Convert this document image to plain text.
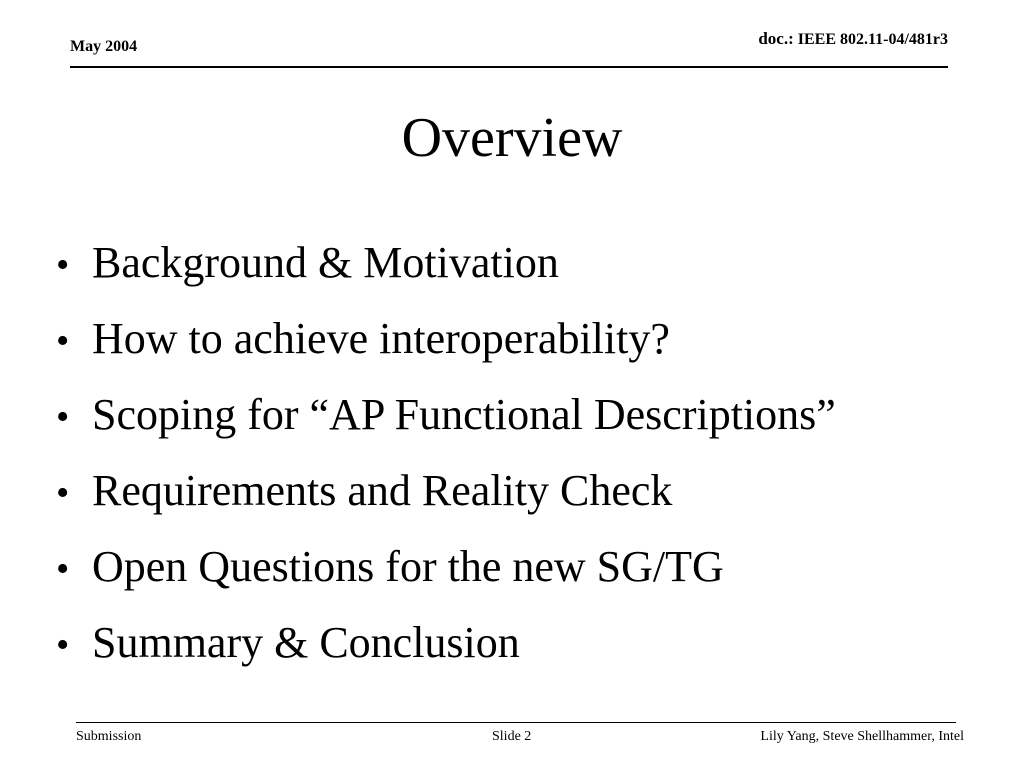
May 2004	doc.: IEEE 802.11-04/481r3
Overview
• Background & Motivation
• How to achieve interoperability?
• Scoping for “AP Functional Descriptions”
• Requirements and Reality Check
• Open Questions for the new SG/TG
• Summary & Conclusion
Submission	Slide 2	Lily Yang, Steve Shellhammer, Intel
